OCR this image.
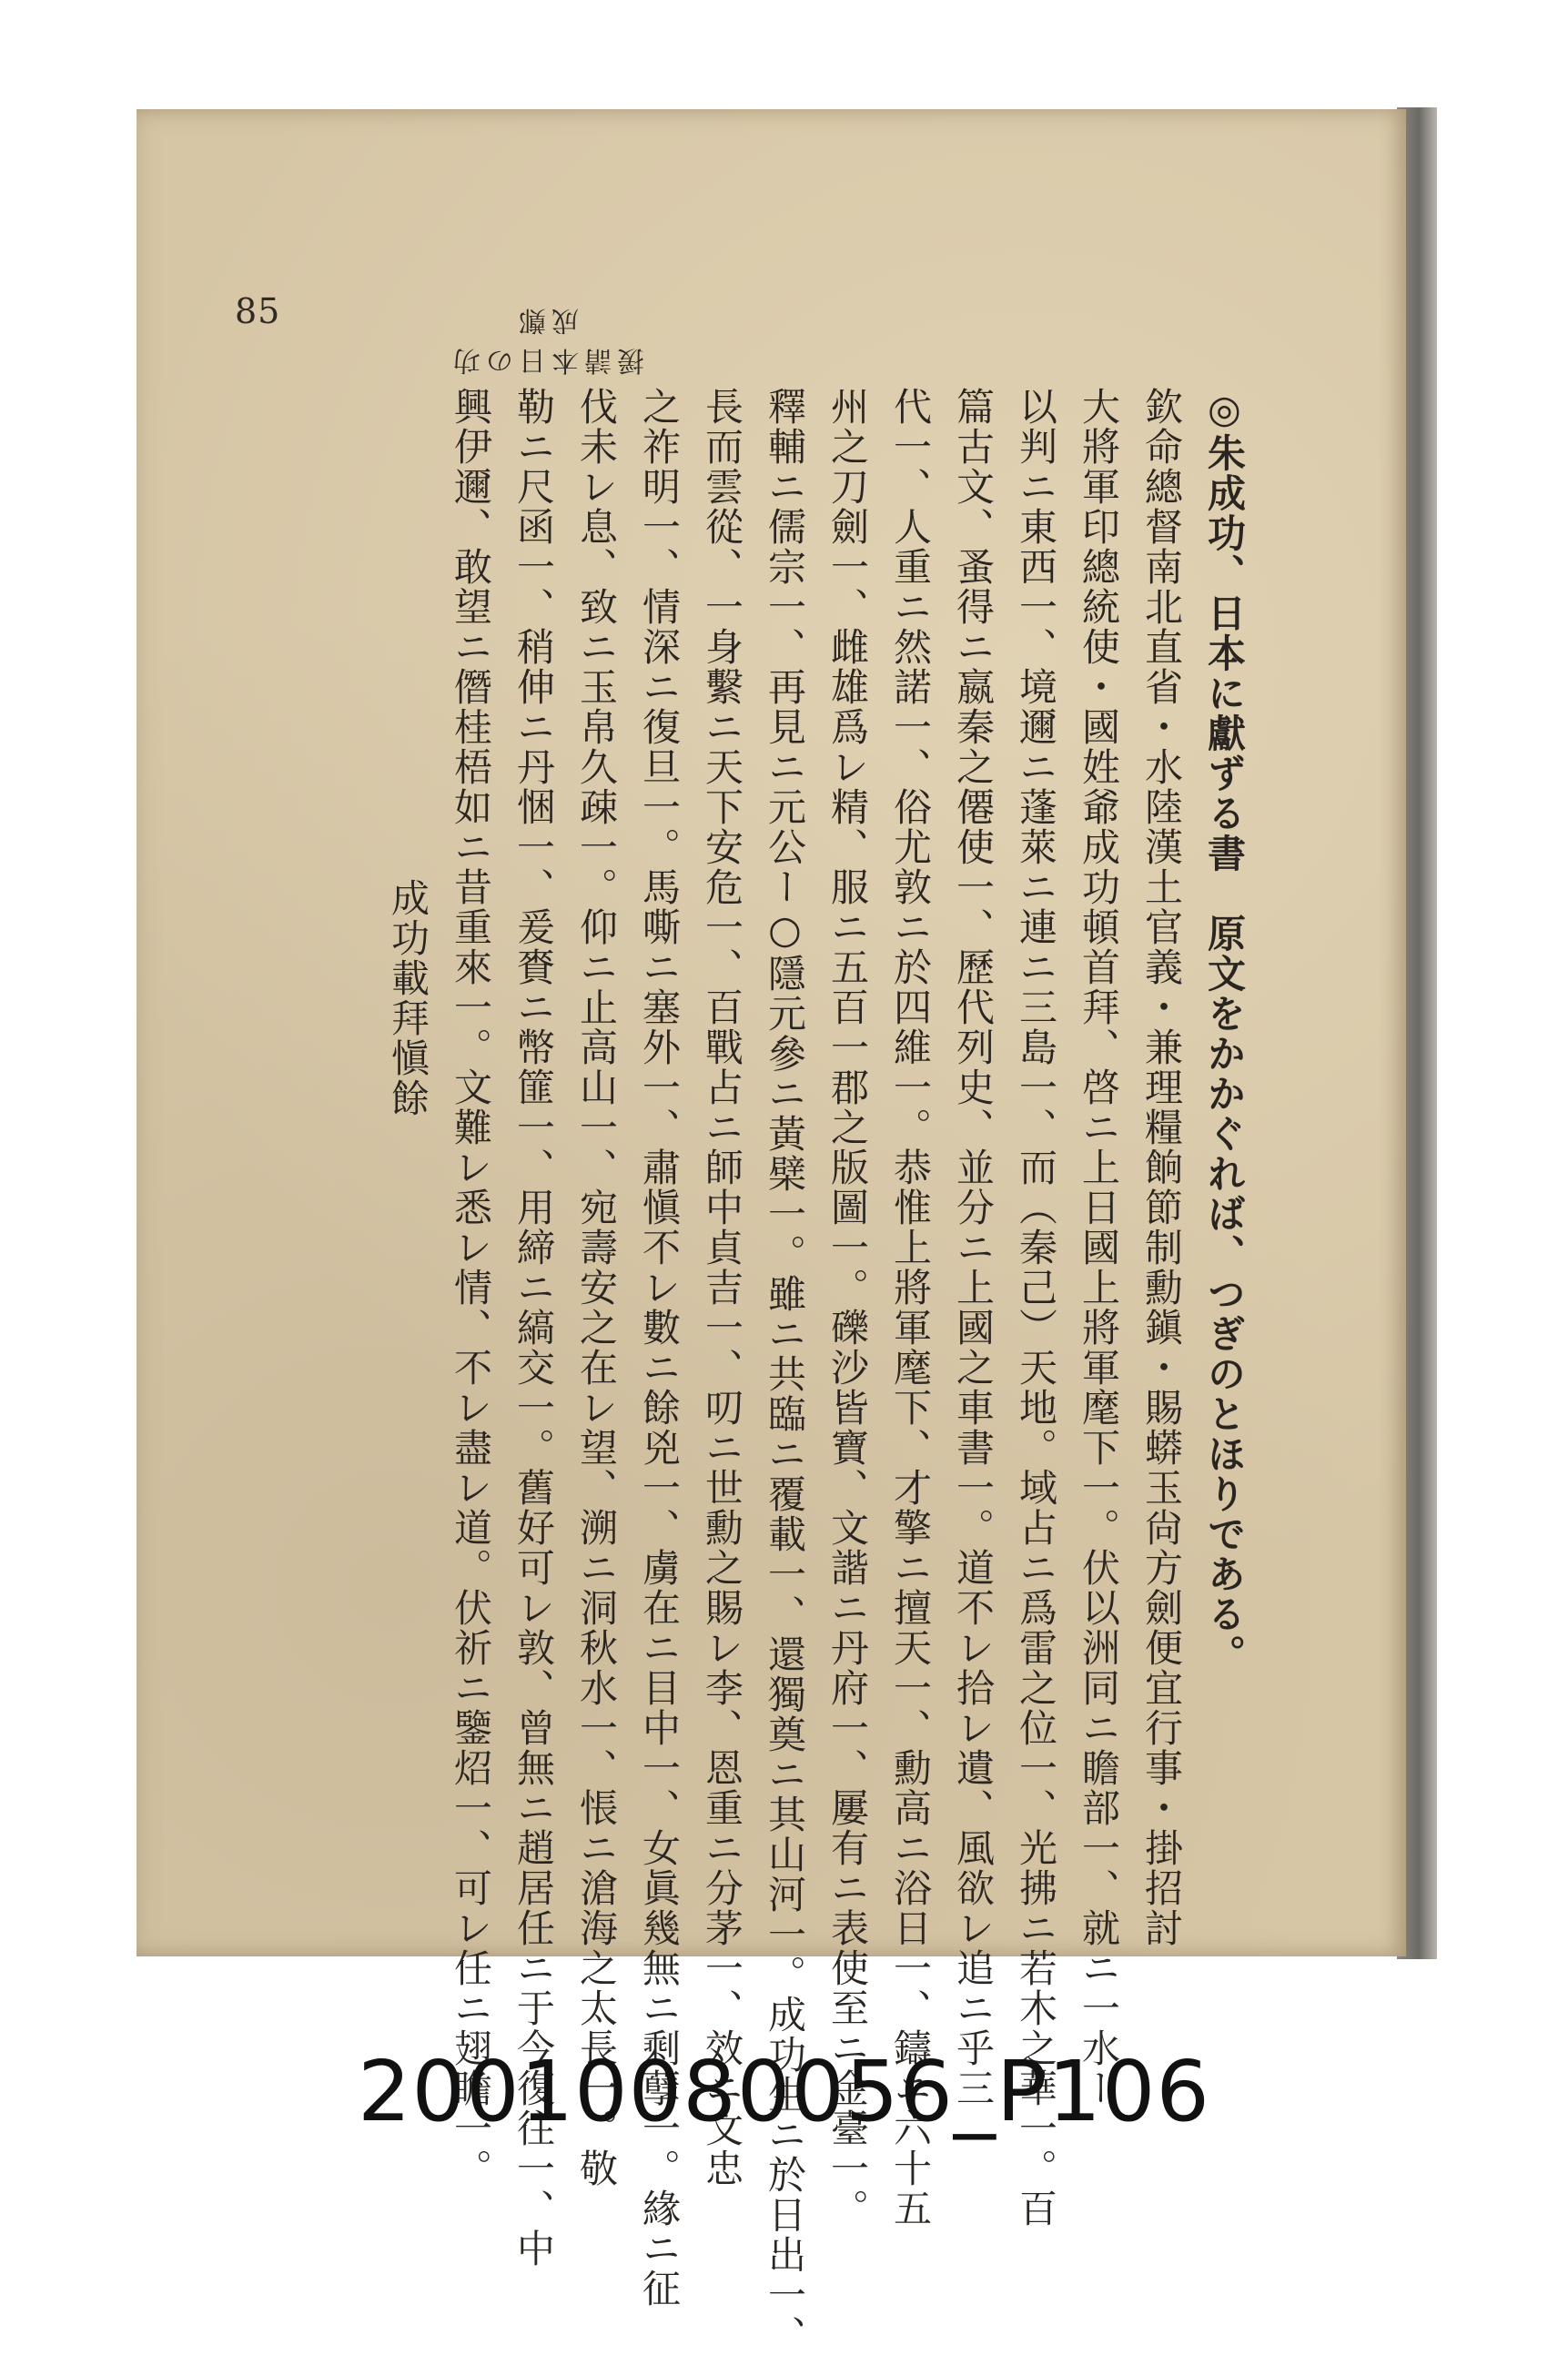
85
援請本日の功成鄭
◎朱成功、日本に獻ずる書　原文をかかぐれば、つぎのとほりである。
欽命總督南北直省・水陸漢土官義・兼理糧餉節制勳鎭・賜蟒玉尙方劍便宜行事・掛招討
大將軍印總統使・國姓爺成功頓首拜、啓ニ上日國上將軍麾下一。伏以洲同ニ瞻部一、就ニ一水ー
以判ニ東西一、境邇ニ蓬萊ニ連ニ三島一、而（秦己）天地。域占ニ爲雷之位一、光拂ニ若木之華一。百
篇古文、蚤得ニ嬴秦之僊使一、歷代列史、並分ニ上國之車書一。道不レ拾レ遺、風欲レ追ニ乎三
代一、人重ニ然諾一、俗尤敦ニ於四維一。恭惟上將軍麾下、才擎ニ擅天一、勳高ニ浴日一、鑄ニ六十五
州之刀劍一、雌雄爲レ精、服ニ五百一郡之版圖一。礫沙皆寶、文諧ニ丹府一、屢有ニ表使至ニ金臺一。
釋輔ニ儒宗一、再見ニ元公ー○隱元參ニ黃檗一。雖ニ共臨ニ覆載一、還獨奠ニ其山河一。成功生ニ於日出一、
長而雲從、一身繫ニ天下安危一、百戰占ニ師中貞吉一、叨ニ世勳之賜レ李、恩重ニ分茅一、效ニ文忠
之祚明一、情深ニ復旦一。馬嘶ニ塞外一、肅愼不レ數ニ餘兇一、虜在ニ目中一、女眞幾無ニ剩孽一。緣ニ征
伐未レ息、致ニ玉帛久疎一。仰ニ止高山一、宛壽安之在レ望、溯ニ洞秋水一、悵ニ滄海之太長一。敬
勒ニ尺函一、稍伸ニ丹悃一、爰賚ニ幣篚一、用締ニ縞交一。舊好可レ敦、曾無ニ趙居任ニ于今復往一、中
興伊邇、敢望ニ僭桂梧如ニ昔重來一。文難レ悉レ情、不レ盡レ道。伏祈ニ鑒炤一、可レ任ニ翅瞻一。
成功載拜愼餘
20010080056_P106
